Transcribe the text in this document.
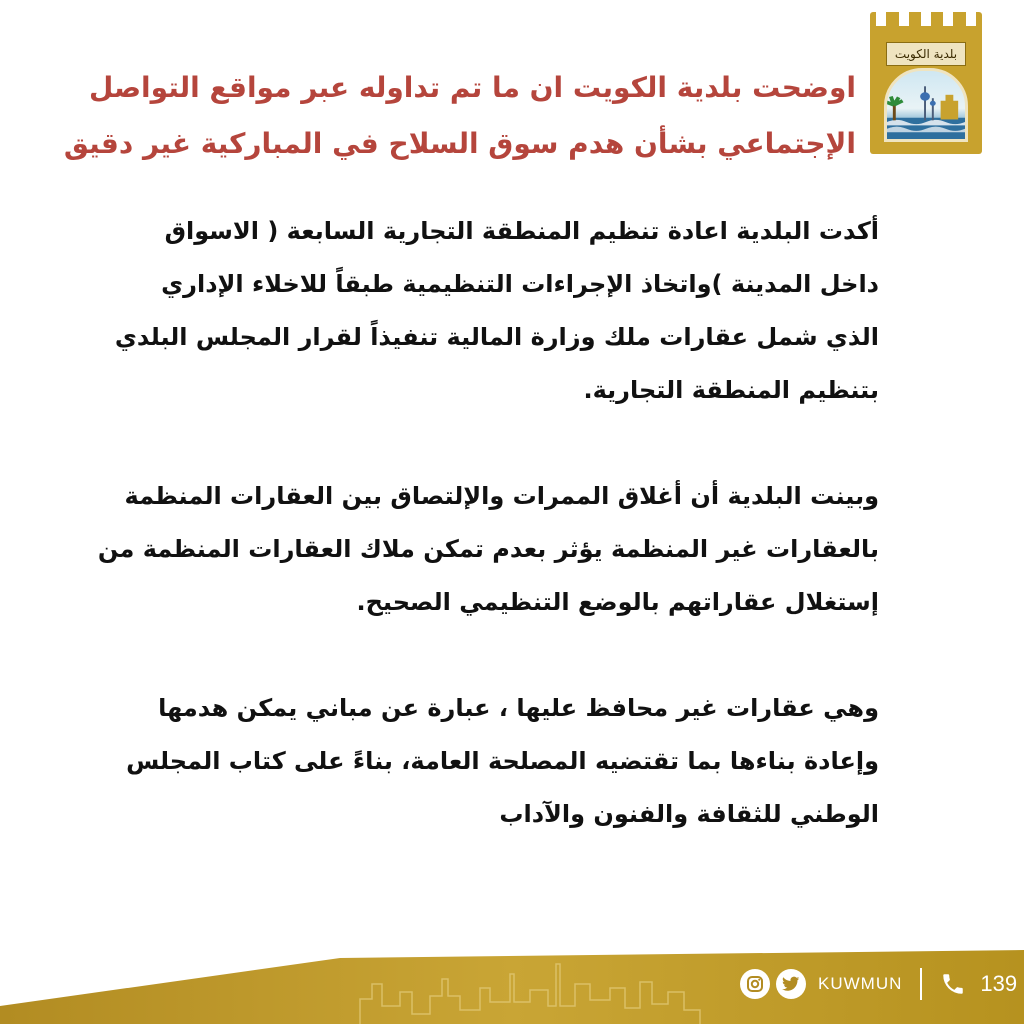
بلدية الكويت
اوضحت بلدية الكويت ان ما تم تداوله عبر مواقع التواصل
الإجتماعي بشأن هدم سوق السلاح في المباركية غير دقيق

أكدت البلدية اعادة تنظيم المنطقة التجارية السابعة ( الاسواق
داخل المدينة )واتخاذ الإجراءات التنظيمية طبقاً للاخلاء الإداري
الذي شمل عقارات ملك وزارة المالية تنفيذاً لقرار المجلس البلدي
بتنظيم المنطقة التجارية.

وبينت البلدية أن أغلاق الممرات والإلتصاق بين العقارات المنظمة
بالعقارات غير المنظمة يؤثر بعدم تمكن ملاك العقارات المنظمة من
إستغلال عقاراتهم بالوضع التنظيمي الصحيح.

وهي عقارات غير محافظ عليها ، عبارة عن مباني يمكن هدمها
وإعادة بناءها بما تقتضيه المصلحة العامة، بناءً على كتاب المجلس
الوطني للثقافة والفنون والآداب

KUWMUN	139
